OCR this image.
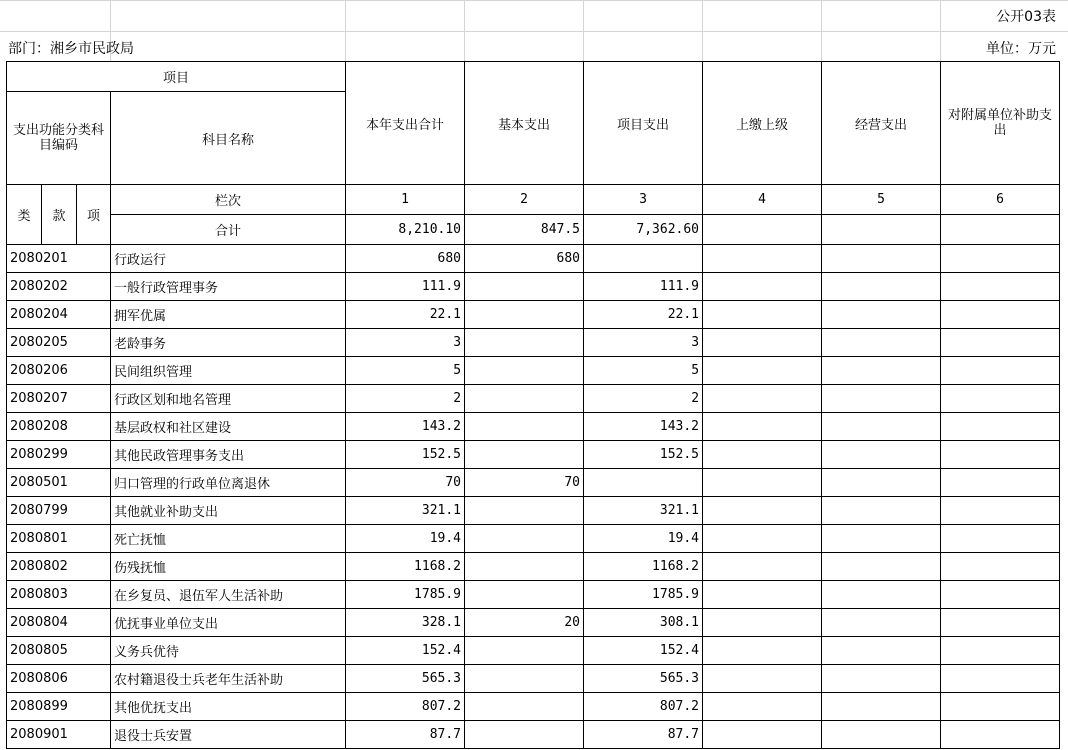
公开03表
部门：湘乡市民政局	单位：万元
项目				本年支出合计	基本支出	项目支出	上缴上级	经营支出	对附属单位补助支出
支出功能分类科目编码			科目名称						
类	款	项	栏次	1	2	3	4	5	6
			合计	8,210.10	847.5	7,362.60			
2080201			行政运行	680	680				
2080202			一般行政管理事务	111.9		111.9			
2080204			拥军优属	22.1		22.1			
2080205			老龄事务	3		3			
2080206			民间组织管理	5		5			
2080207			行政区划和地名管理	2		2			
2080208			基层政权和社区建设	143.2		143.2			
2080299			其他民政管理事务支出	152.5		152.5			
2080501			归口管理的行政单位离退休	70	70				
2080799			其他就业补助支出	321.1		321.1			
2080801			死亡抚恤	19.4		19.4			
2080802			伤残抚恤	1168.2		1168.2			
2080803			在乡复员、退伍军人生活补助	1785.9		1785.9			
2080804			优抚事业单位支出	328.1	20	308.1			
2080805			义务兵优待	152.4		152.4			
2080806			农村籍退役士兵老年生活补助	565.3		565.3			
2080899			其他优抚支出	807.2		807.2			
2080901			退役士兵安置	87.7		87.7			
